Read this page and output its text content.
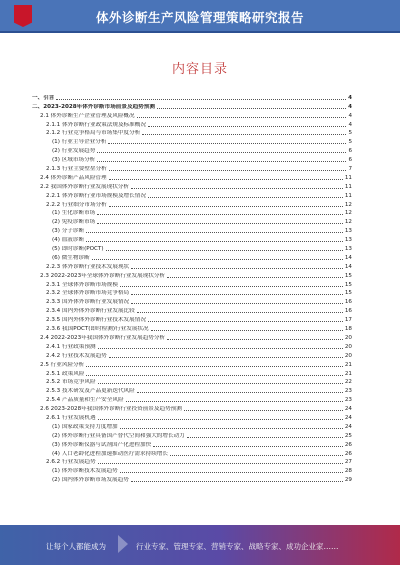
体外诊断生产风险管理策略研究报告
内容目录
一、引言	4
二、2023-2028年体外诊断市场前景及趋势预测	4
2.1 体外诊断生产企业管理及风险概况	4
2.1.1 体外诊断行业政策法规及标准概况	4
2.1.2 行业竞争格局与市场集中度分析	5
(1) 行业主导企业分析	5
(2) 行业发展趋势	6
(3) 区域市场分析	6
2.1.3 行业主要壁垒分析	7
2.4 体外诊断产品风险管理	11
2.2 我国体外诊断行业发展现状分析	11
2.2.1 体外诊断行业市场规模及增长情况	11
2.2.2 行业细分市场分析	12
(1) 生化诊断市场	12
(2) 免疫诊断市场	12
(3) 分子诊断	13
(4) 血液诊断	13
(5) 即时诊断(POCT)	13
(6) 微生物诊断	14
2.2.3 体外诊断行业技术发展现状	14
2.3 2022-2023年全球体外诊断行业发展现状分析	15
2.3.1 全球体外诊断市场规模	15
2.3.2 全球体外诊断市场竞争格局	15
2.3.3 国外体外诊断行业发展情况	16
2.3.4 国内外体外诊断行业发展比较	16
2.3.5 国内外体外诊断行业技术发展情况	17
2.3.6 我国POCT(即时检测)行业发展状况	18
2.4 2022-2023年我国体外诊断行业发展趋势分析	20
2.4.1 行业政策预测	20
2.4.2 行业技术发展趋势	20
2.5 行业风险分析	21
2.5.1 政策风险	21
2.5.2 市场竞争风险	22
2.5.3 技术研发及产品更新迭代风险	23
2.5.4 产品质量和生产安全风险	23
2.6 2023-2028年我国体外诊断行业投资前景及趋势预测	24
2.6.1 行业发展机遇	24
(1) 国家政策支持力度增加	24
(2) 体外诊断行业具备国产替代空间和强大的增长动力	25
(3) 体外诊断仪器与试剂国产化进程加快	26
(4) 人口老龄化进程加速推动医疗需求持续增长	26
2.6.2 行业发展趋势	27
(1) 体外诊断技术发展趋势	28
(2) 国内体外诊断市场发展趋势	29
让每个人都能成为	行业专家、管理专家、营销专家、战略专家、成功企业家……
